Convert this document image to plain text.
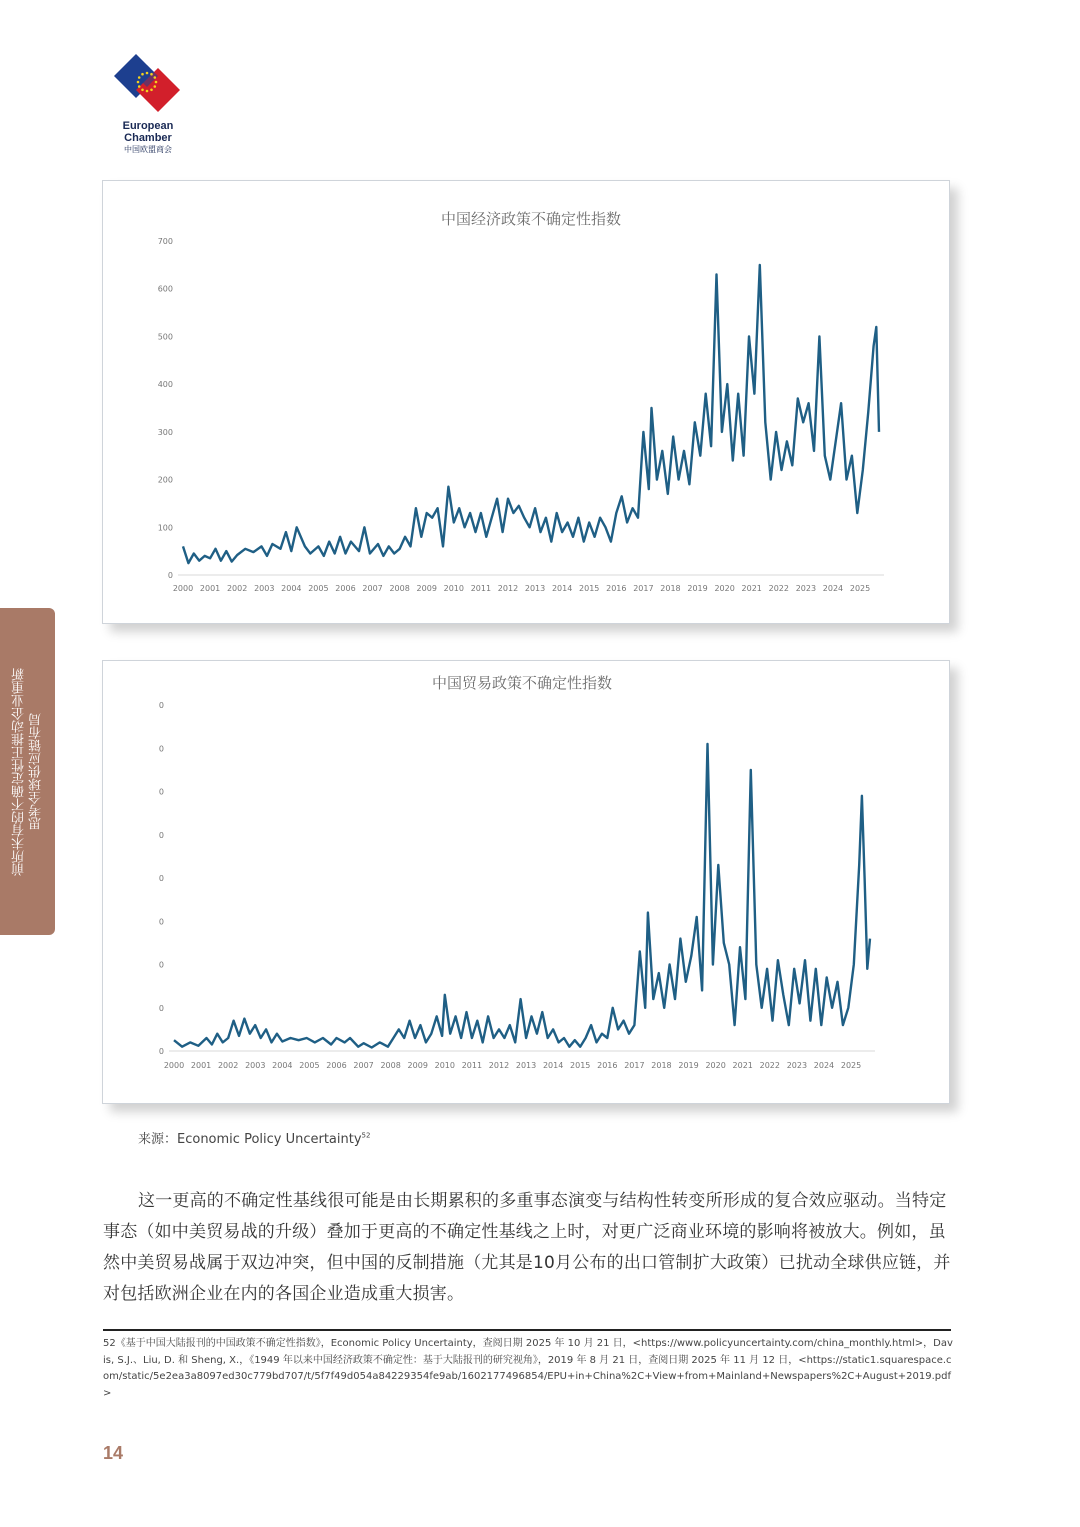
European Chamber
中国欧盟商会
前所未有的不确定性正推动企业重新 思考全球供应链布局
中国经济政策不确定性指数
0
100
200
300
400
500
600
700
2000 2001 2002 2003 2004 2005 2006 2007 2008 2009 2010 2011 2012 2013 2014 2015 2016 2017 2018 2019 2020 2021 2022 2023 2024 2025
中国贸易政策不确定性指数
0
0
0
0
0
0
0
0
0
2000 2001 2002 2003 2004 2005 2006 2007 2008 2009 2010 2011 2012 2013 2014 2015 2016 2017 2018 2019 2020 2021 2022 2023 2024 2025
来源：Economic Policy Uncertainty$^{52}$
这一更高的不确定性基线很可能是由长期累积的多重事态演变与结构性转变所形成的复合效应驱动。当特定事态（如中美贸易战的升级）叠加于更高的不确定性基线之上时，对更广泛商业环境的影响将被放大。例如，虽然中美贸易战属于双边冲突，但中国的反制措施（尤其是10月公布的出口管制扩大政策）已扰动全球供应链，并对包括欧洲企业在内的各国企业造成重大损害。
52《基于中国大陆报刊的中国政策不确定性指数》，Economic Policy Uncertainty，查阅日期 2025 年 10 月 21 日，<https://www.policyuncertainty.com/china_monthly.html>，Davis, S.J.、Liu, D. 和 Sheng, X.，《1949 年以来中国经济政策不确定性：基于大陆报刊的研究视角》，2019 年 8 月 21 日，查阅日期 2025 年 11 月 12 日，<https://static1.squarespace.com/static/5e2ea3a8097ed30c779bd707/t/5f7f49d054a84229354fe9ab/1602177496854/EPU+in+China%2C+View+from+Mainland+Newspapers%2C+August+2019.pdf>
14
